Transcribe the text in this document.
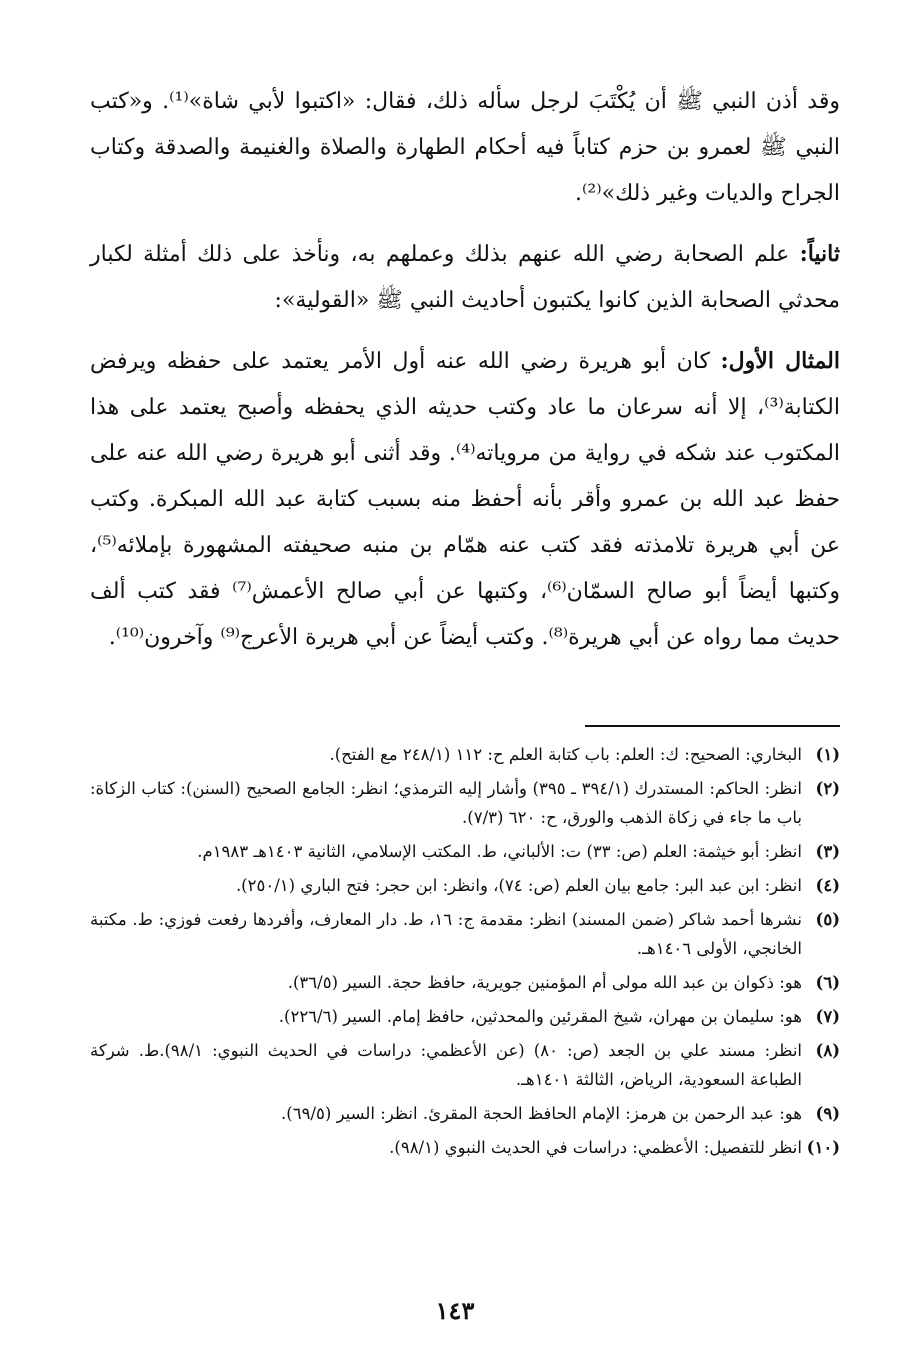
وقد أذن النبي ﷺ أن يُكْتَبَ لرجل سأله ذلك، فقال: «اكتبوا لأبي شاة»⁽¹⁾. و«كتب النبي ﷺ لعمرو بن حزم كتاباً فيه أحكام الطهارة والصلاة والغنيمة والصدقة وكتاب الجراح والديات وغير ذلك»⁽²⁾.

ثانياً: علم الصحابة رضي الله عنهم بذلك وعملهم به، ونأخذ على ذلك أمثلة لكبار محدثي الصحابة الذين كانوا يكتبون أحاديث النبي ﷺ «القولية»:

المثال الأول: كان أبو هريرة رضي الله عنه أول الأمر يعتمد على حفظه ويرفض الكتابة⁽³⁾، إلا أنه سرعان ما عاد وكتب حديثه الذي يحفظه وأصبح يعتمد على هذا المكتوب عند شكه في رواية من مروياته⁽⁴⁾. وقد أثنى أبو هريرة رضي الله عنه على حفظ عبد الله بن عمرو وأقر بأنه أحفظ منه بسبب كتابة عبد الله المبكرة. وكتب عن أبي هريرة تلامذته فقد كتب عنه همّام بن منبه صحيفته المشهورة بإملائه⁽⁵⁾، وكتبها أيضاً أبو صالح السمّان⁽⁶⁾، وكتبها عن أبي صالح الأعمش⁽⁷⁾ فقد كتب ألف حديث مما رواه عن أبي هريرة⁽⁸⁾. وكتب أيضاً عن أبي هريرة الأعرج⁽⁹⁾ وآخرون⁽¹⁰⁾.

(١)
البخاري: الصحيح: ك: العلم: باب كتابة العلم ح: ١١٢ (٢٤٨/١ مع الفتح).
(٢)
انظر: الحاكم: المستدرك (٣٩٤/١ ـ ٣٩٥) وأشار إليه الترمذي؛ انظر: الجامع الصحيح (السنن): كتاب الزكاة: باب ما جاء في زكاة الذهب والورق، ح: ٦٢٠ (٧/٣).
(٣)
انظر: أبو خيثمة: العلم (ص: ٣٣) ت: الألباني، ط. المكتب الإسلامي، الثانية ١٤٠٣هـ ١٩٨٣م.
(٤)
انظر: ابن عبد البر: جامع بيان العلم (ص: ٧٤)، وانظر: ابن حجر: فتح الباري (٢٥٠/١).
(٥)
نشرها أحمد شاكر (ضمن المسند) انظر: مقدمة ج: ١٦، ط. دار المعارف، وأفردها رفعت فوزي: ط. مكتبة الخانجي، الأولى ١٤٠٦هـ.
(٦)
هو: ذكوان بن عبد الله مولى أم المؤمنين جويرية، حافظ حجة. السير (٣٦/٥).
(٧)
هو: سليمان بن مهران، شيخ المقرئين والمحدثين، حافظ إمام. السير (٢٢٦/٦).
(٨)
انظر: مسند علي بن الجعد (ص: ٨٠) (عن الأعظمي: دراسات في الحديث النبوي: ٩٨/١).ط. شركة الطباعة السعودية، الرياض، الثالثة ١٤٠١هـ.
(٩)
هو: عبد الرحمن بن هرمز: الإمام الحافظ الحجة المقرئ. انظر: السير (٦٩/٥).
(١٠)
انظر للتفصيل: الأعظمي: دراسات في الحديث النبوي (٩٨/١).
١٤٣
